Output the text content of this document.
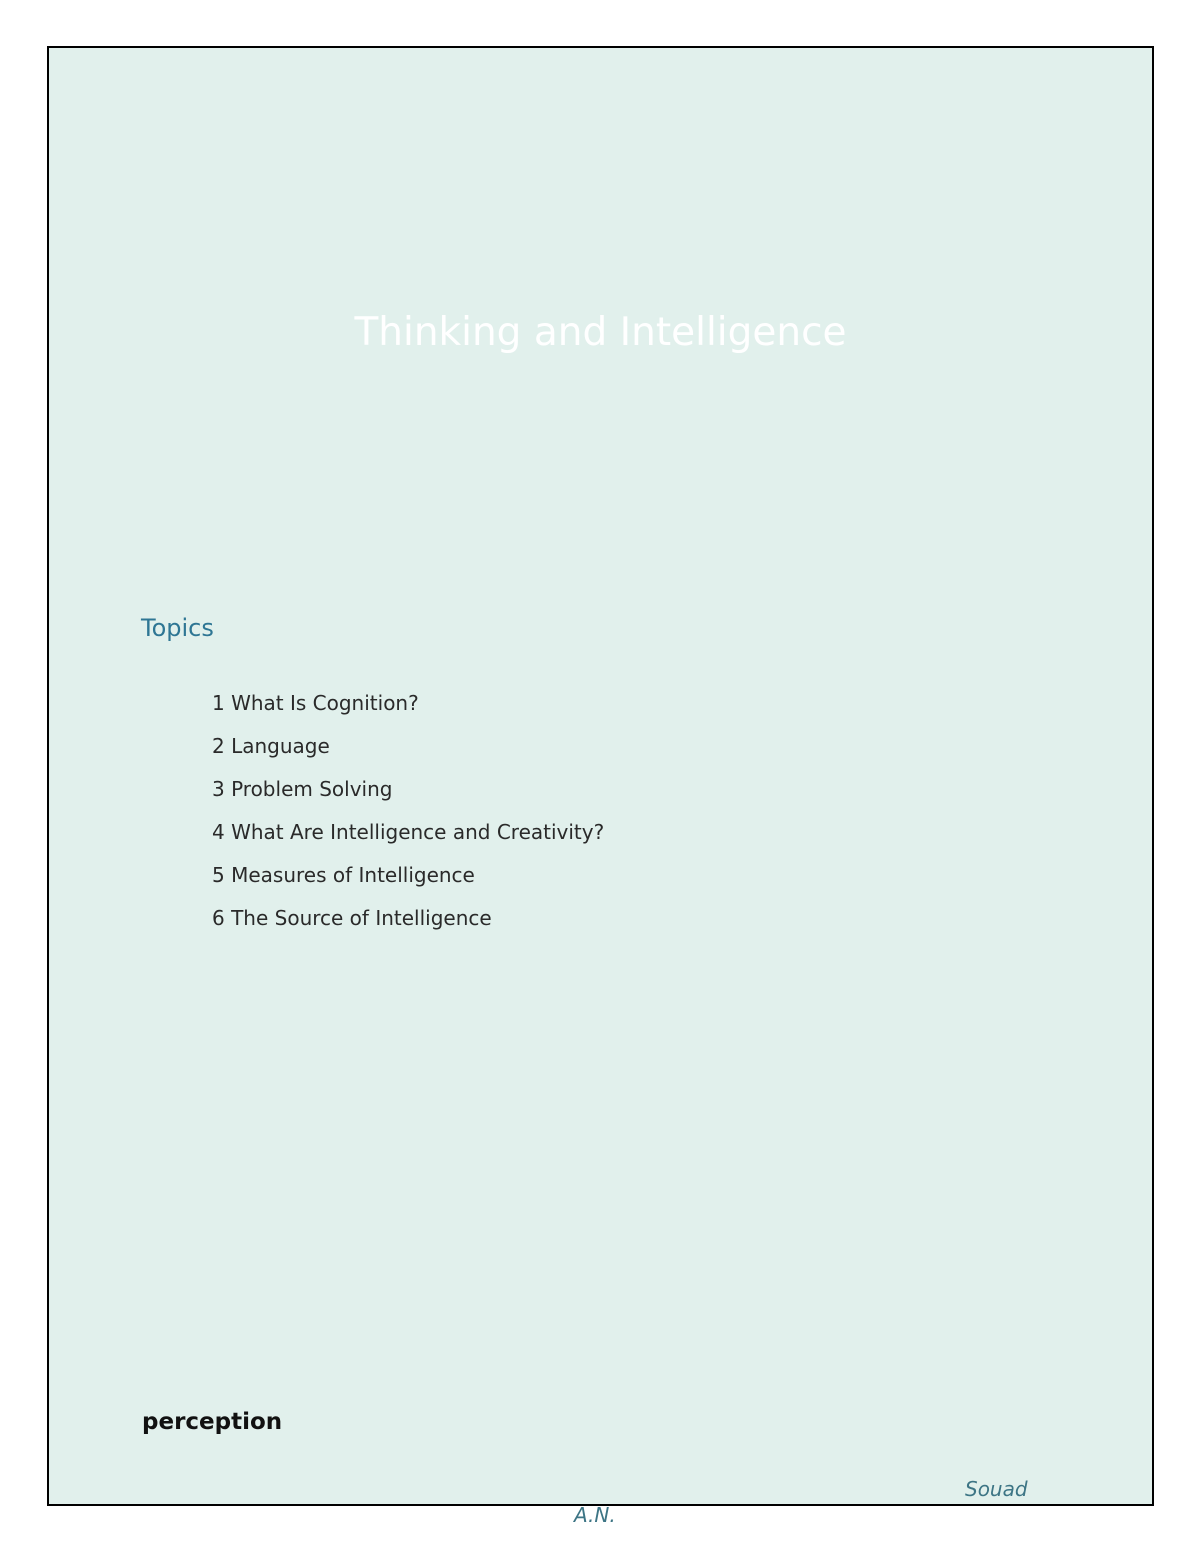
Thinking and Intelligence
Topics
1 What Is Cognition?
2 Language
3 Problem Solving
4 What Are Intelligence and Creativity?
5 Measures of Intelligence
6 The Source of Intelligence
perception
Souad
A.N.
